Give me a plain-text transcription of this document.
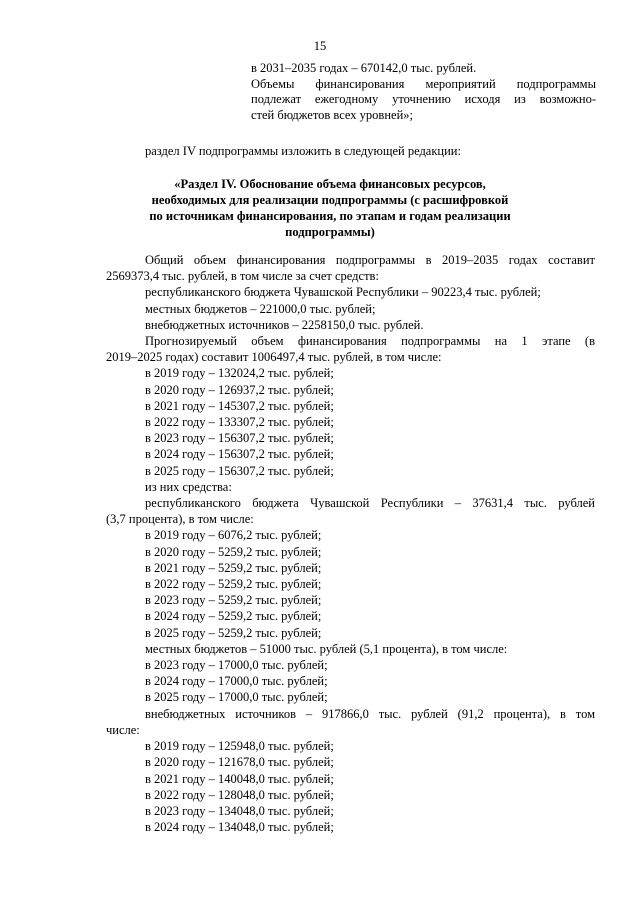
15
в 2031–2035 годах – 670142,0 тыс. рублей.
Объемы финансирования мероприятий подпрограммы
подлежат ежегодному уточнению исходя из возможно-
стей бюджетов всех уровней»;
раздел IV подпрограммы изложить в следующей редакции:
«Раздел IV. Обоснование объема финансовых ресурсов,
необходимых для реализации подпрограммы (с расшифровкой
по источникам финансирования, по этапам и годам реализации
подпрограммы)
Общий объем финансирования подпрограммы в 2019–2035 годах составит
2569373,4 тыс. рублей, в том числе за счет средств:
республиканского бюджета Чувашской Республики – 90223,4 тыс. рублей;
местных бюджетов – 221000,0 тыс. рублей;
внебюджетных источников – 2258150,0 тыс. рублей.
Прогнозируемый объем финансирования подпрограммы на 1 этапе (в
2019–2025 годах) составит 1006497,4 тыс. рублей, в том числе:
в 2019 году – 132024,2 тыс. рублей;
в 2020 году – 126937,2 тыс. рублей;
в 2021 году – 145307,2 тыс. рублей;
в 2022 году – 133307,2 тыс. рублей;
в 2023 году – 156307,2 тыс. рублей;
в 2024 году – 156307,2 тыс. рублей;
в 2025 году – 156307,2 тыс. рублей;
из них средства:
республиканского бюджета Чувашской Республики – 37631,4 тыс. рублей
(3,7 процента), в том числе:
в 2019 году – 6076,2 тыс. рублей;
в 2020 году – 5259,2 тыс. рублей;
в 2021 году – 5259,2 тыс. рублей;
в 2022 году – 5259,2 тыс. рублей;
в 2023 году – 5259,2 тыс. рублей;
в 2024 году – 5259,2 тыс. рублей;
в 2025 году – 5259,2 тыс. рублей;
местных бюджетов – 51000 тыс. рублей (5,1 процента), в том числе:
в 2023 году – 17000,0 тыс. рублей;
в 2024 году – 17000,0 тыс. рублей;
в 2025 году – 17000,0 тыс. рублей;
внебюджетных источников – 917866,0 тыс. рублей (91,2 процента), в том
числе:
в 2019 году – 125948,0 тыс. рублей;
в 2020 году – 121678,0 тыс. рублей;
в 2021 году – 140048,0 тыс. рублей;
в 2022 году – 128048,0 тыс. рублей;
в 2023 году – 134048,0 тыс. рублей;
в 2024 году – 134048,0 тыс. рублей;
